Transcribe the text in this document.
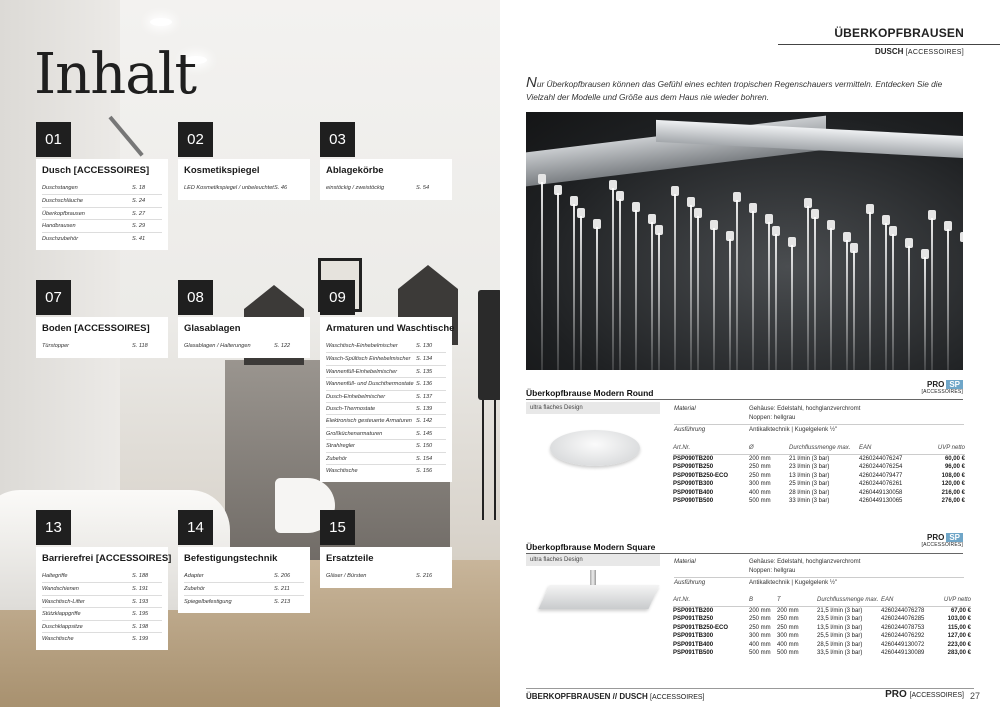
Inhalt
01
Dusch [ACCESSOIRES]
Duschstangen	S. 18
Duschschläuche	S. 24
Überkopfbrausen	S. 27
Handbrausen	S. 29
Duschzubehör	S. 41
02
Kosmetikspiegel
LED Kosmetikspiegel / unbeleuchtet S. 46
03
Ablagekörbe
einstöckig / zweistöckig	S. 54
07
Boden [ACCESSOIRES]
Türstopper	S. 118
08
Glasablagen
Glasablagen / Halterungen	S. 122
09
Armaturen und Waschtische
Waschtisch-Einhebelmischer	S. 130
Wasch-Spültisch Einhebelmischer S. 134
Wannenfüll-Einhebelmischer	S. 135
Wannenfüll- und Duschthermostate S. 136
Dusch-Einhebelmischer	S. 137
Dusch-Thermostate	S. 139
Elektronisch gesteuerte Armaturen S. 142
Großküchenarmaturen	S. 145
Strahlregler	S. 150
Zubehör	S. 154
Waschtische	S. 156
13
Barrierefrei [ACCESSOIRES]
Haltegriffe	S. 188
Wandschienen	S. 191
Waschtisch-Lifter	S. 193
Stützklappgriffe	S. 195
Duschklappsitze	S. 198
Waschtische	S. 199
14
Befestigungstechnik
Adapter	S. 206
Zubehör	S. 211
Spiegelbefestigung	S. 213
15
Ersatzteile
Gläser / Bürsten	S. 216
ÜBERKOPFBRAUSEN
DUSCH [ACCESSOIRES]
Nur Überkopfbrausen können das Gefühl eines echten tropischen Regenschauers vermitteln. Entdecken Sie die Vielzahl der Modelle und Größe aus dem Haus nie wieder bohren.
Überkopfbrause Modern Round
PRO SP
[ACCESSOIRES]
ultra flaches Design	Material	Gehäuse: Edelstahl, hochglanzverchromt
Noppen: hellgrau
Ausführung	Antikalktechnik | Kugelgelenk ½"
Art.Nr.	Ø	Durchflussmenge max.	EAN	UVP netto
PSP090TB200	200 mm	21 l/min (3 bar)	4260244076247	60,00 €
PSP090TB250	250 mm	23 l/min (3 bar)	4260244076254	96,00 €
PSP090TB250-ECO	250 mm	13 l/min (3 bar)	4260244079477	108,00 €
PSP090TB300	300 mm	25 l/min (3 bar)	4260244076261	120,00 €
PSP090TB400	400 mm	28 l/min (3 bar)	4260449130058	216,00 €
PSP090TB500	500 mm	33 l/min (3 bar)	4260449130065	276,00 €
Überkopfbrause Modern Square
PRO SP
[ACCESSOIRES]
ultra flaches Design	Material	Gehäuse: Edelstahl, hochglanzverchromt
Noppen: hellgrau
Ausführung	Antikalktechnik | Kugelgelenk ½"
Art.Nr.	B	T	Durchflussmenge max.	EAN	UVP netto
PSP091TB200	200 mm	200 mm	21,5 l/min (3 bar)	4260244076278	67,00 €
PSP091TB250	250 mm	250 mm	23,5 l/min (3 bar)	4260244076285	103,00 €
PSP091TB250-ECO	250 mm	250 mm	13,5 l/min (3 bar)	4260244078753	115,00 €
PSP091TB300	300 mm	300 mm	25,5 l/min (3 bar)	4260244076292	127,00 €
PSP091TB400	400 mm	400 mm	28,5 l/min (3 bar)	4260449130072	223,00 €
PSP091TB500	500 mm	500 mm	33,5 l/min (3 bar)	4260449130089	283,00 €
ÜBERKOPFBRAUSEN // DUSCH [ACCESSOIRES]	PRO [ACCESSOIRES] 27
